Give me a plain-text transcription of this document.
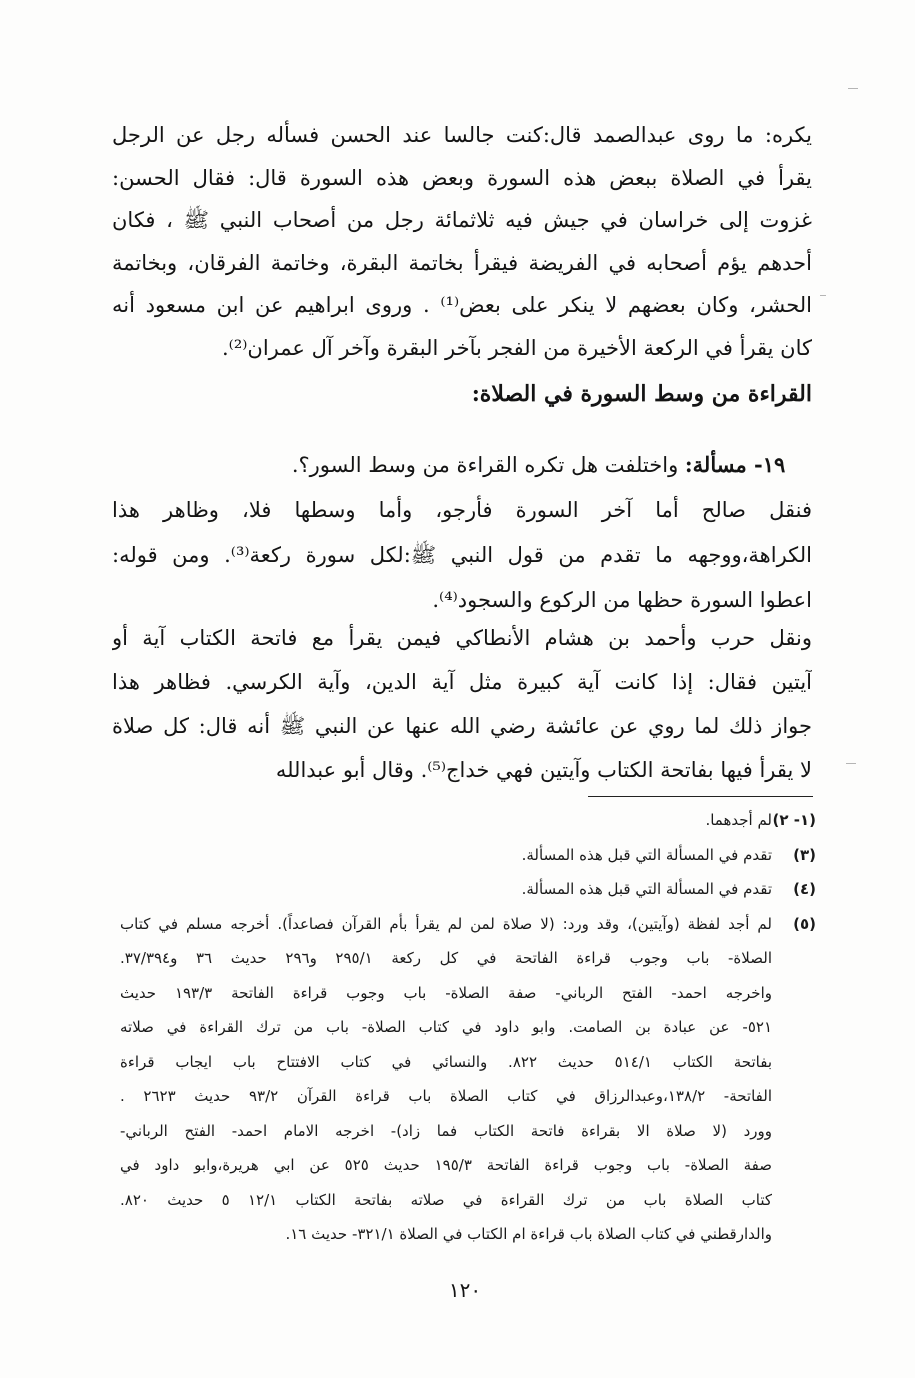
يكره: ما روى عبدالصمد قال:كنت جالسا عند الحسن فسأله رجل عن الرجل
يقرأ في الصلاة ببعض هذه السورة وبعض هذه السورة قال: فقال الحسن:
غزوت إلى خراسان في جيش فيه ثلاثمائة رجل من أصحاب النبي ﷺ ، فكان
أحدهم يؤم أصحابه في الفريضة فيقرأ بخاتمة البقرة، وخاتمة الفرقان، وبخاتمة
الحشر، وكان بعضهم لا ينكر على بعض⁽¹⁾ . وروى ابراهيم عن ابن مسعود أنه
كان يقرأ في الركعة الأخيرة من الفجر بآخر البقرة وآخر آل عمران⁽²⁾.
القراءة من وسط السورة في الصلاة:
١٩- مسألة: واختلفت هل تكره القراءة من وسط السور؟.
فنقل صالح أما آخر السورة فأرجو، وأما وسطها فلا، وظاهر هذا
الكراهة،ووجهه ما تقدم من قول النبي ﷺ:لكل سورة ركعة⁽³⁾. ومن قوله:
اعطوا السورة حظها من الركوع والسجود⁽⁴⁾.
ونقل حرب وأحمد بن هشام الأنطاكي فيمن يقرأ مع فاتحة الكتاب آية أو
آيتين فقال: إذا كانت آية كبيرة مثل آية الدين، وآية الكرسي. فظاهر هذا
جواز ذلك لما روي عن عائشة رضي الله عنها عن النبي ﷺ أنه قال: كل صلاة
لا يقرأ فيها بفاتحة الكتاب وآيتين فهي خداج⁽⁵⁾. وقال أبو عبدالله
(١- ٢)
لم أجدهما.
(٣)
تقدم في المسألة التي قبل هذه المسألة.
(٤)
تقدم في المسألة التي قبل هذه المسألة.
(٥)
لم أجد لفظة (وآيتين)، وقد ورد: (لا صلاة لمن لم يقرأ بأم القرآن فصاعداً). أخرجه مسلم في كتاب
الصلاة- باب وجوب قراءة الفاتحة في كل ركعة ٢٩٥/١ و٢٩٦ حديث ٣٦ و٣٧/٣٩٤.
واخرجه احمد- الفتح الرباني- صفة الصلاة- باب وجوب قراءة الفاتحة ١٩٣/٣ حديث
٥٢١- عن عبادة بن الصامت. وابو داود في كتاب الصلاة- باب من ترك القراءة في صلاته
بفاتحة الكتاب ٥١٤/١ حديث ٨٢٢. والنسائي في كتاب الافتتاح باب ايجاب قراءة
الفاتحة- ١٣٨/٢،وعبدالرزاق في كتاب الصلاة باب قراءة القرآن ٩٣/٢ حديث ٢٦٢٣ .
وورد (لا صلاة الا بقراءة فاتحة الكتاب فما زاد)- اخرجه الامام احمد- الفتح الرباني-
صفة الصلاة- باب وجوب قراءة الفاتحة ١٩٥/٣ حديث ٥٢٥ عن ابي هريرة،وابو داود في
كتاب الصلاة باب من ترك القراءة في صلاته بفاتحة الكتاب ١٢/١ ٥ حديث ٨٢٠.
والدارقطني في كتاب الصلاة باب قراءة ام الكتاب في الصلاة ٣٢١/١- حديث ١٦.
١٢٠
